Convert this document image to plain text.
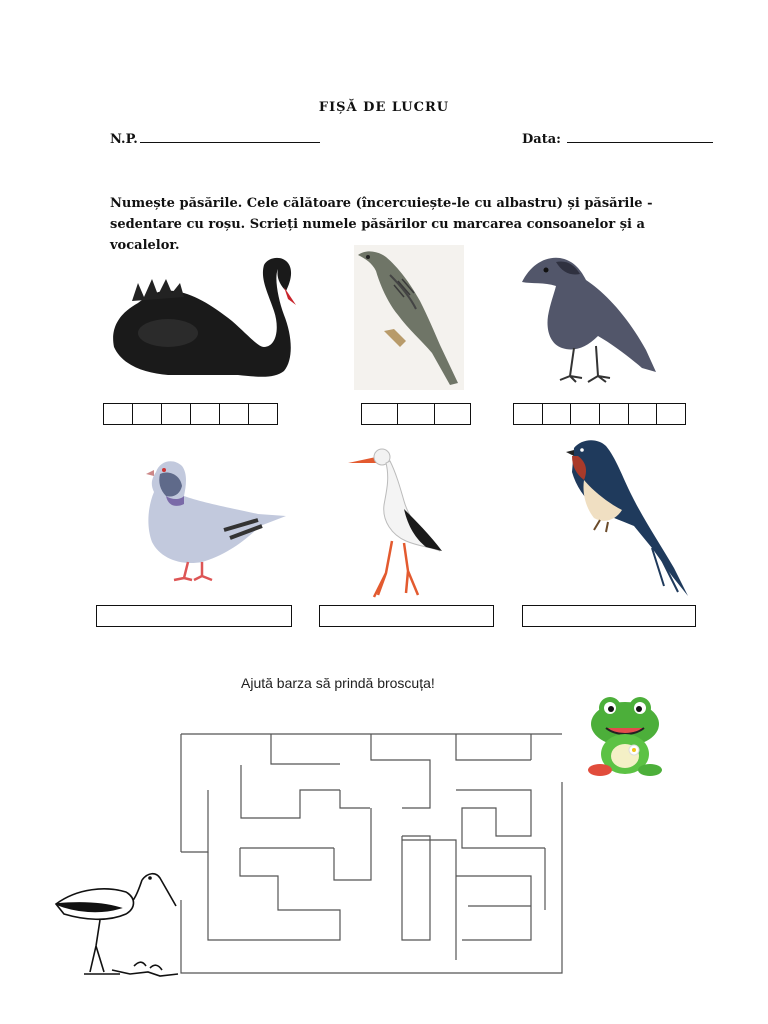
FIȘĂ DE LUCRU
N.P.	Data:
Numește păsările. Cele călătoare (încercuiește-le cu albastru) și păsările - sedentare cu roșu. Scrieți numele păsărilor cu marcarea consoanelor și a vocalelor.
Ajută barza să prindă broscuța!
